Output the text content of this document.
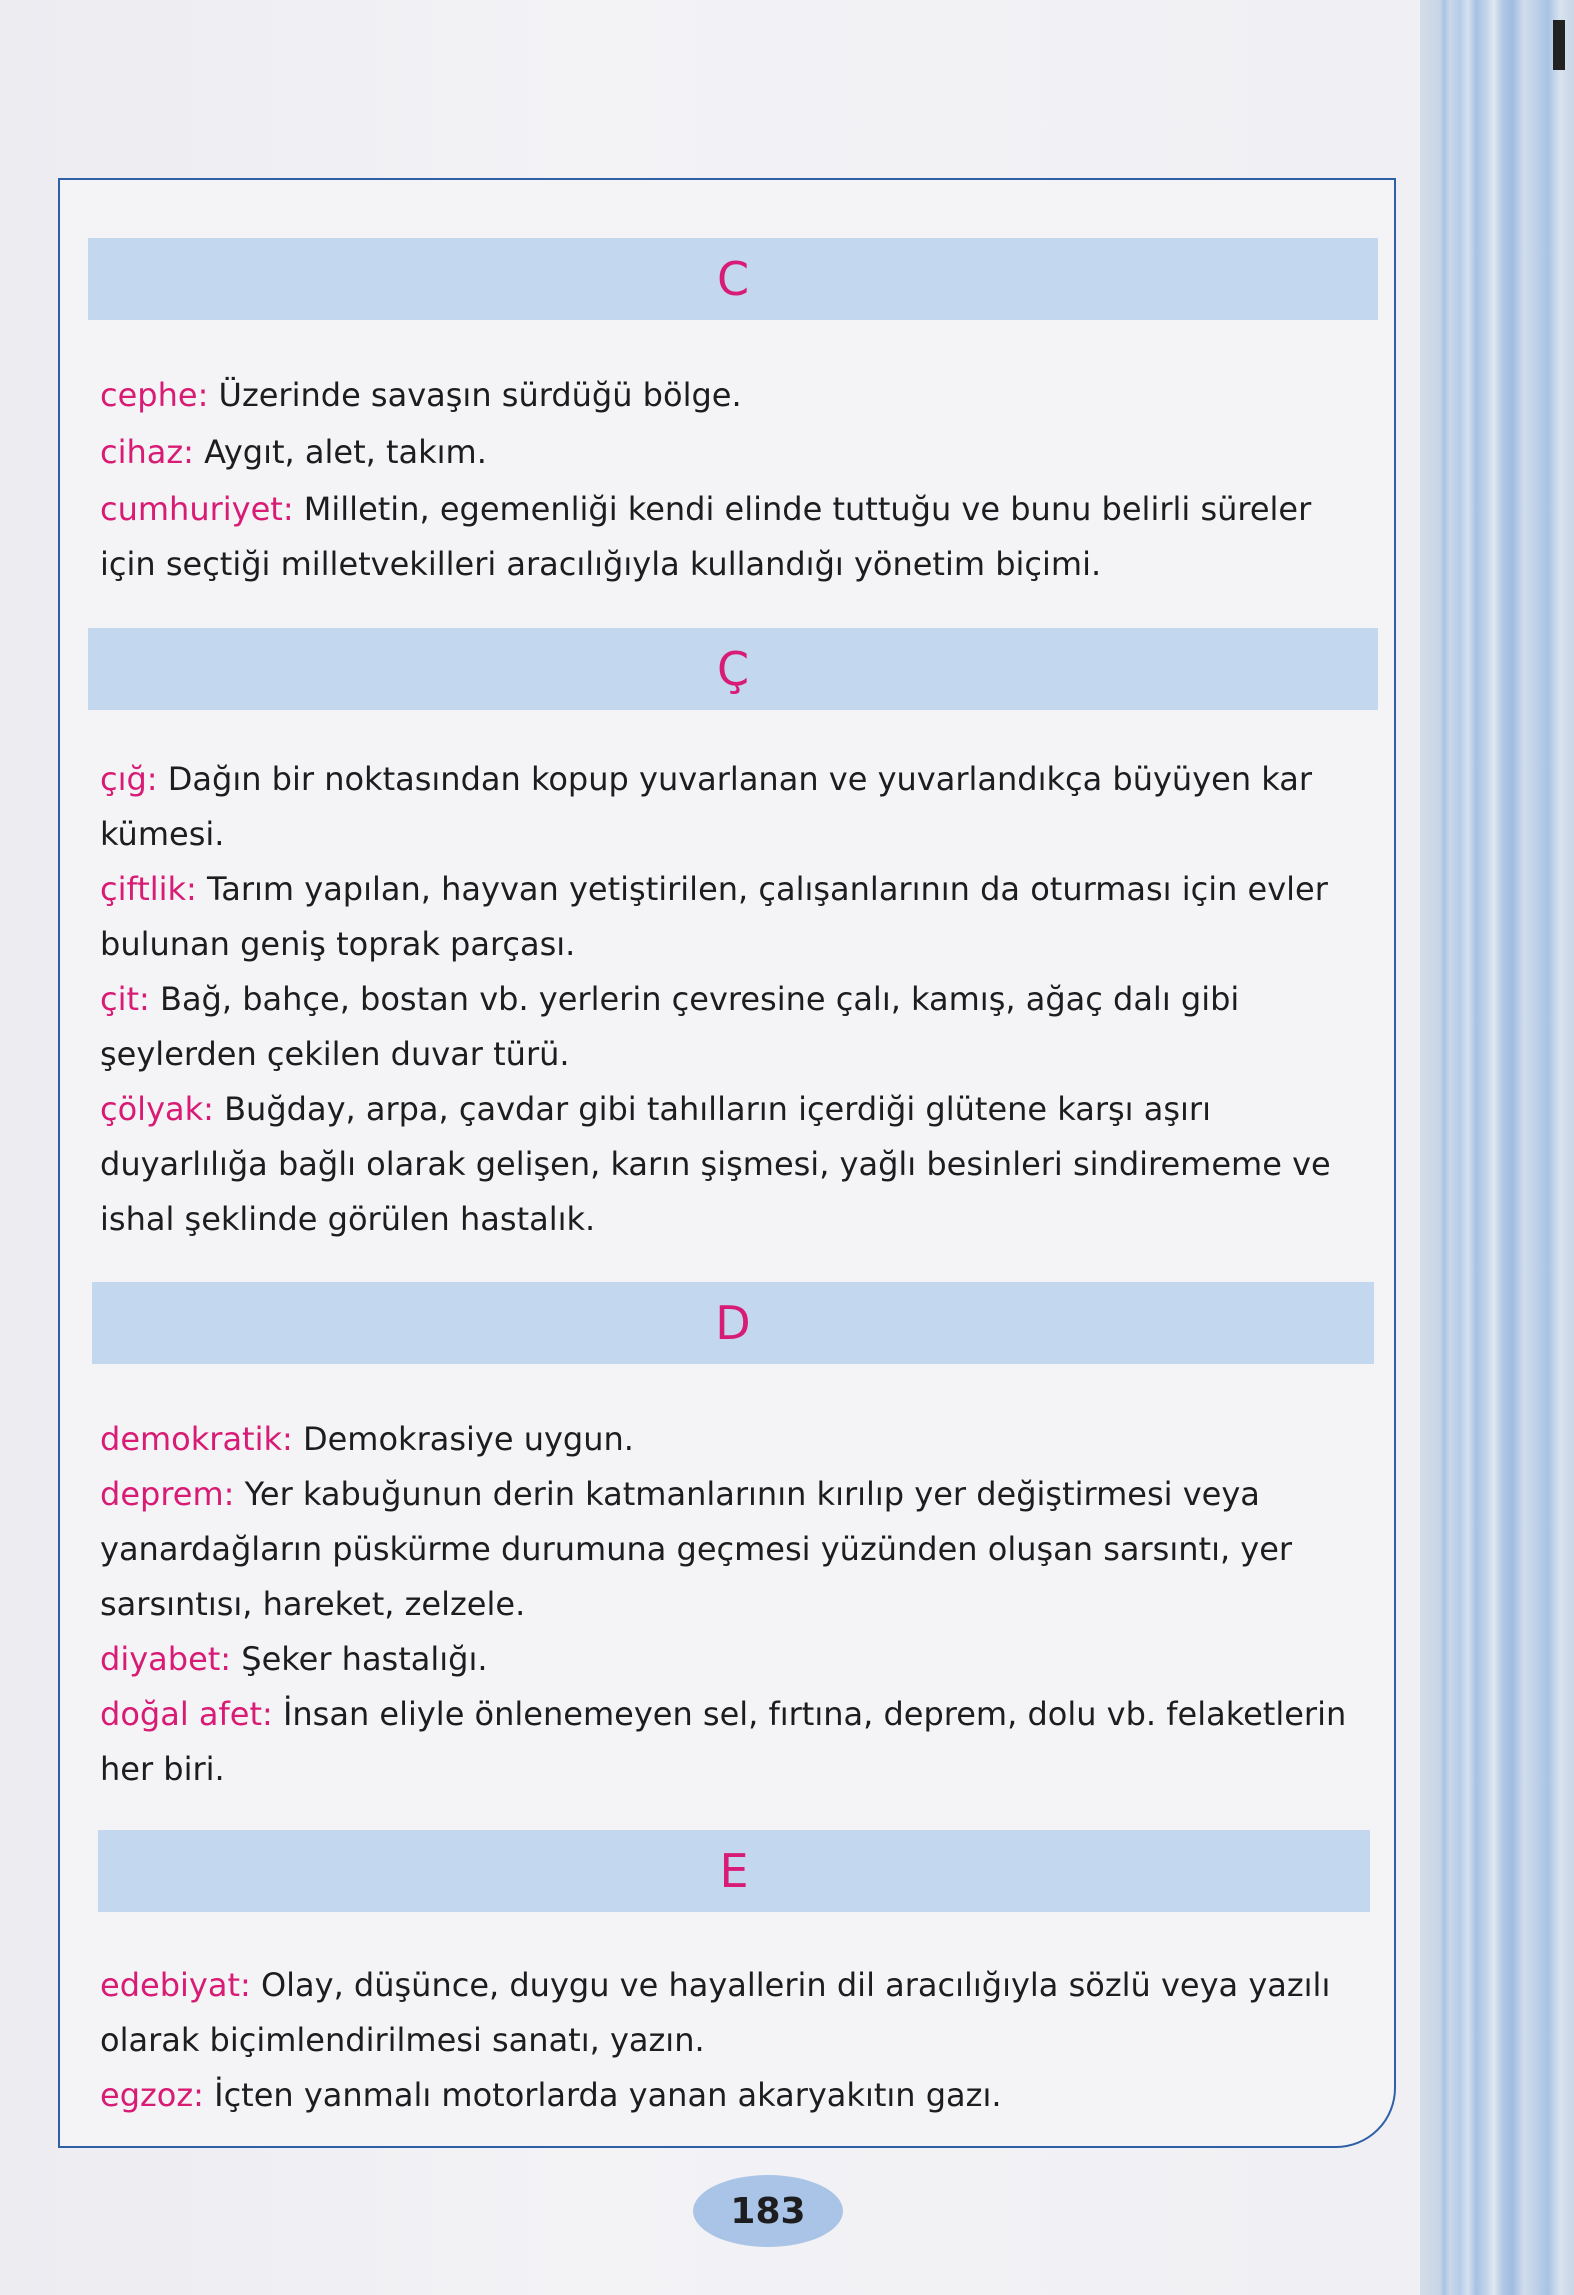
C
cephe: Üzerinde savaşın sürdüğü bölge.
cihaz: Aygıt, alet, takım.
cumhuriyet: Milletin, egemenliği kendi elinde tuttuğu ve bunu belirli süreler için seçtiği milletvekilleri aracılığıyla kullandığı yönetim biçimi.
Ç
çığ: Dağın bir noktasından kopup yuvarlanan ve yuvarlandıkça büyüyen kar kümesi.
çiftlik: Tarım yapılan, hayvan yetiştirilen, çalışanlarının da oturması için evler bulunan geniş toprak parçası.
çit: Bağ, bahçe, bostan vb. yerlerin çevresine çalı, kamış, ağaç dalı gibi şeylerden çekilen duvar türü.
çölyak: Buğday, arpa, çavdar gibi tahılların içerdiği glütene karşı aşırı duyarlılığa bağlı olarak gelişen, karın şişmesi, yağlı besinleri sindirememe ve ishal şeklinde görülen hastalık.
D
demokratik: Demokrasiye uygun.
deprem: Yer kabuğunun derin katmanlarının kırılıp yer değiştirmesi veya yanardağların püskürme durumuna geçmesi yüzünden oluşan sarsıntı, yer sarsıntısı, hareket, zelzele.
diyabet: Şeker hastalığı.
doğal afet: İnsan eliyle önlenemeyen sel, fırtına, deprem, dolu vb. felaketlerin her biri.
E
edebiyat: Olay, düşünce, duygu ve hayallerin dil aracılığıyla sözlü veya yazılı olarak biçimlendirilmesi sanatı, yazın.
egzoz: İçten yanmalı motorlarda yanan akaryakıtın gazı.
183
